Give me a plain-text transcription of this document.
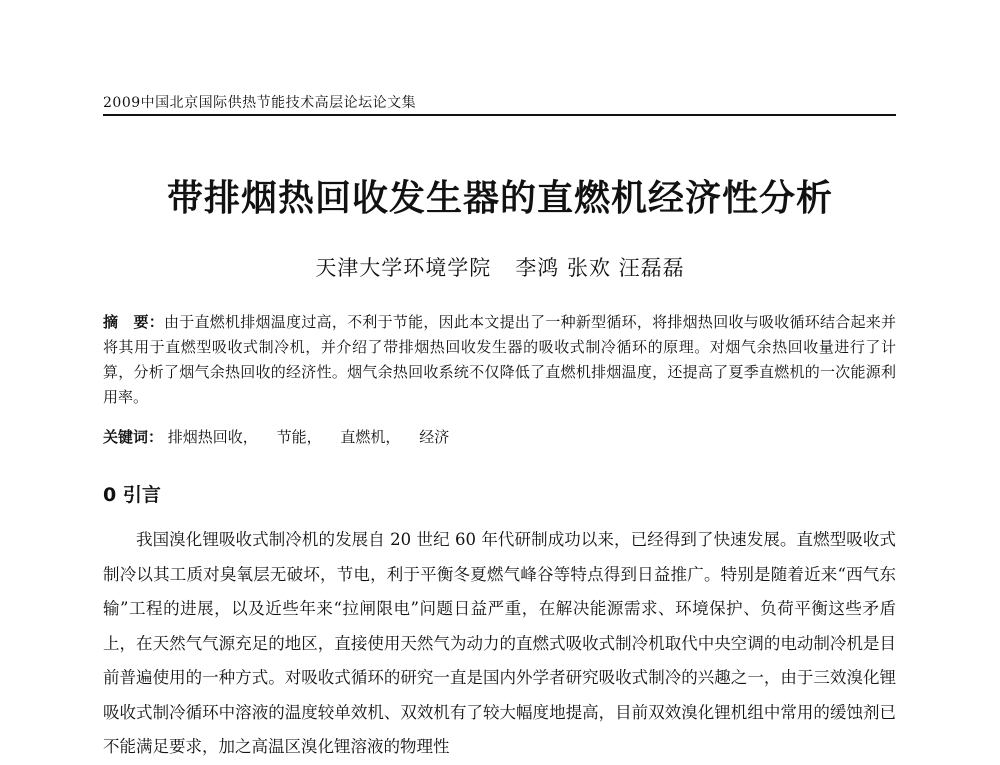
2009中国北京国际供热节能技术高层论坛论文集
带排烟热回收发生器的直燃机经济性分析
天津大学环境学院 李鸿 张欢 汪磊磊
摘　要：由于直燃机排烟温度过高，不利于节能，因此本文提出了一种新型循环，将排烟热回收与吸收循环结合起来并将其用于直燃型吸收式制冷机，并介绍了带排烟热回收发生器的吸收式制冷循环的原理。对烟气余热回收量进行了计算，分析了烟气余热回收的经济性。烟气余热回收系统不仅降低了直燃机排烟温度，还提高了夏季直燃机的一次能源利用率。
关键词： 排烟热回收， 节能， 直燃机， 经济
0 引言

我国溴化锂吸收式制冷机的发展自 20 世纪 60 年代研制成功以来，已经得到了快速发展。直燃型吸收式制冷以其工质对臭氧层无破坏，节电，利于平衡冬夏燃气峰谷等特点得到日益推广。特别是随着近来“西气东输”工程的进展，以及近些年来“拉闸限电”问题日益严重，在解决能源需求、环境保护、负荷平衡这些矛盾上，在天然气气源充足的地区，直接使用天然气为动力的直燃式吸收式制冷机取代中央空调的电动制冷机是目前普遍使用的一种方式。对吸收式循环的研究一直是国内外学者研究吸收式制冷的兴趣之一，由于三效溴化锂吸收式制冷循环中溶液的温度较单效机、双效机有了较大幅度地提高，目前双效溴化锂机组中常用的缓蚀剂已不能满足要求，加之高温区溴化锂溶液的物理性
